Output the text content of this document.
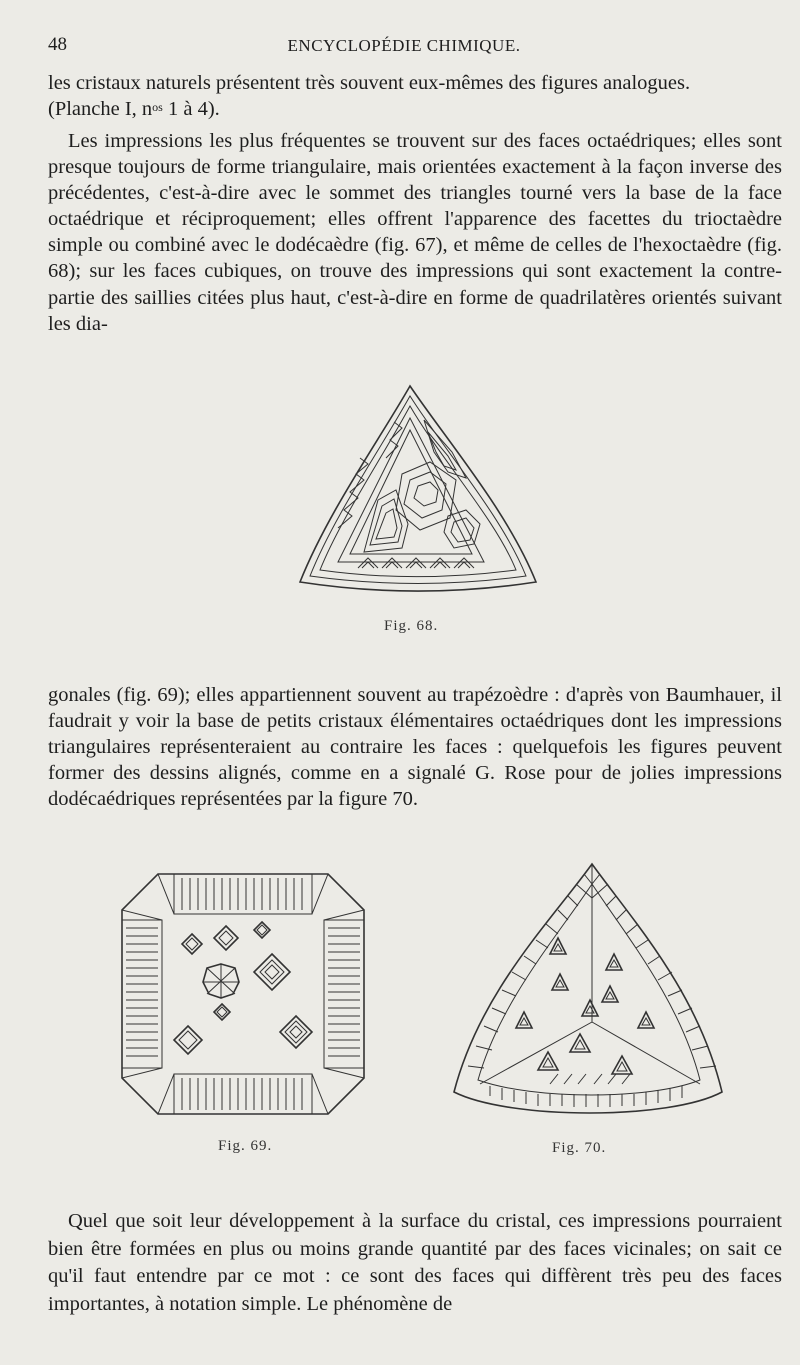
48	ENCYCLOPÉDIE CHIMIQUE.

les cristaux naturels présentent très souvent eux-mêmes des figures analogues.

(Planche I, $n^{os}$ 1 à 4).

Les impressions les plus fréquentes se trouvent sur des faces octaédriques; elles sont presque toujours de forme triangulaire, mais orientées exactement à la façon inverse des précédentes, c'est-à-dire avec le sommet des triangles tourné vers la base de la face octaédrique et réciproquement; elles offrent l'apparence des facettes du trioctaèdre simple ou combiné avec le dodécaèdre (fig. 67), et même de celles de l'hexoctaèdre (fig. 68); sur les faces cubiques, on trouve des impressions qui sont exactement la contre-partie des saillies citées plus haut, c'est-à-dire en forme de quadrilatères orientés suivant les dia-
Fig. 68.
gonales (fig. 69); elles appartiennent souvent au trapézoèdre : d'après von Baumhauer, il faudrait y voir la base de petits cristaux élémentaires octaédriques dont les impressions triangulaires représenteraient au contraire les faces : quelquefois les figures peuvent former des dessins alignés, comme en a signalé G. Rose pour de jolies impressions dodécaédriques représentées par la figure 70.
Fig. 69.	Fig. 70.
Quel que soit leur développement à la surface du cristal, ces impressions pourraient bien être formées en plus ou moins grande quantité par des faces vicinales; on sait ce qu'il faut entendre par ce mot : ce sont des faces qui diffèrent très peu des faces importantes, à notation simple. Le phénomène de
